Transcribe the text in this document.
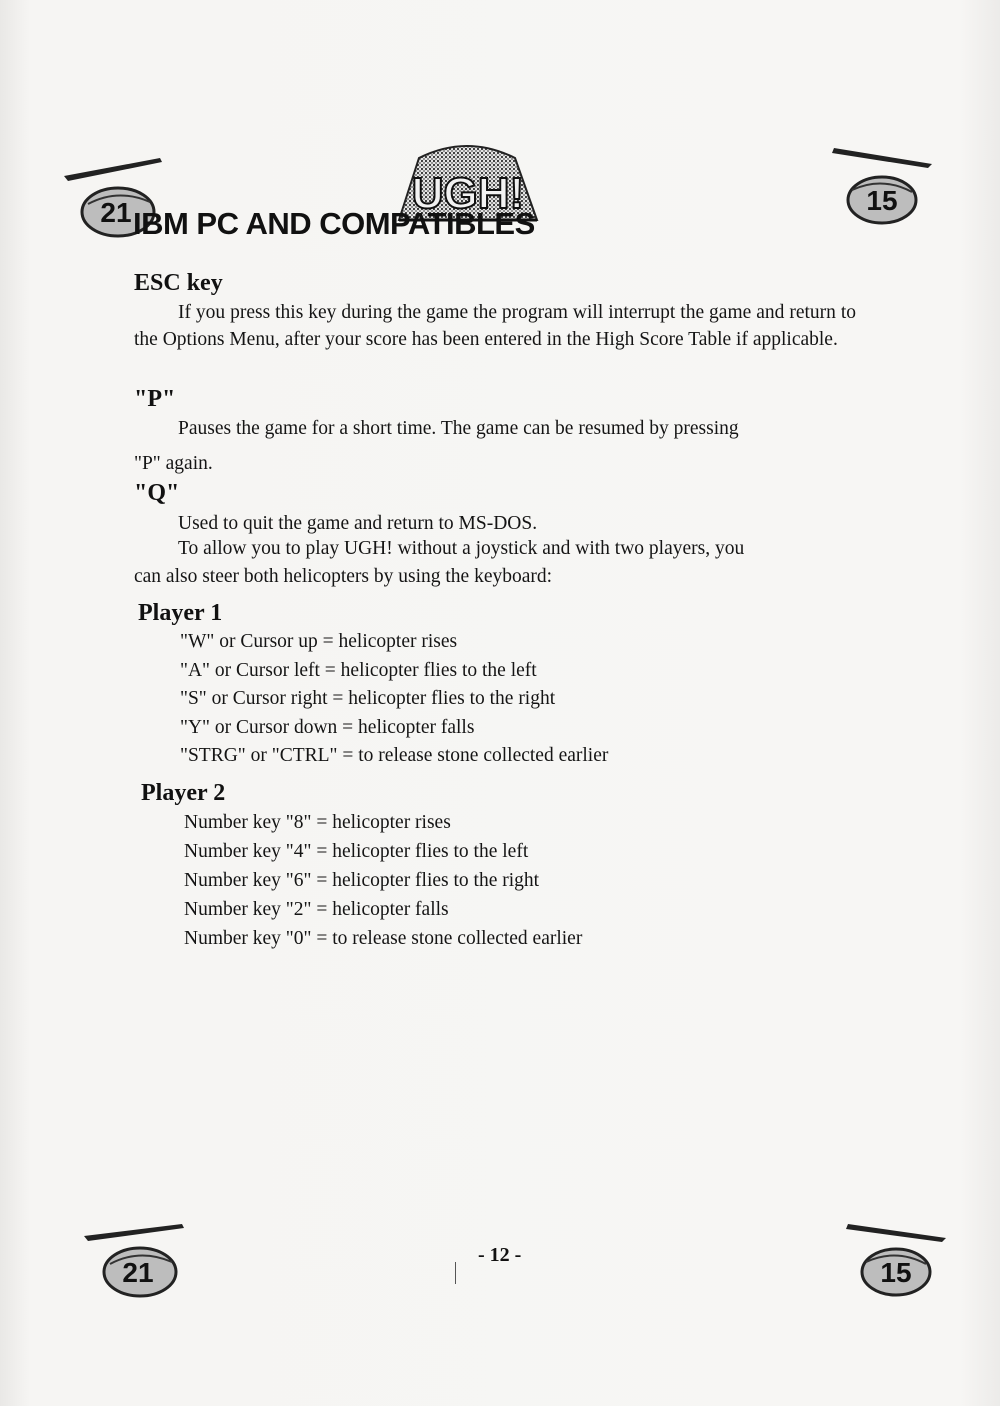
21	15
21	15
UGH!
IBM PC AND COMPATIBLES
ESC key

If you press this key during the game the program will interrupt the game and return to the Options Menu, after your score has been entered in the High Score Table if applicable.

"P"

Pauses the game for a short time. The game can be resumed by pressing

"P" again.

"Q"

Used to quit the game and return to MS-DOS.

To allow you to play UGH! without a joystick and with two players, you

can also steer both helicopters by using the keyboard:

Player 1

"W" or Cursor up = helicopter rises

"A" or Cursor left = helicopter flies to the left

"S" or Cursor right = helicopter flies to the right

"Y" or Cursor down = helicopter falls

"STRG" or "CTRL" = to release stone collected earlier

Player 2

Number key "8" = helicopter rises

Number key "4" = helicopter flies to the left

Number key "6" = helicopter flies to the right

Number key "2" = helicopter falls

Number key "0" = to release stone collected earlier

- 12 -
